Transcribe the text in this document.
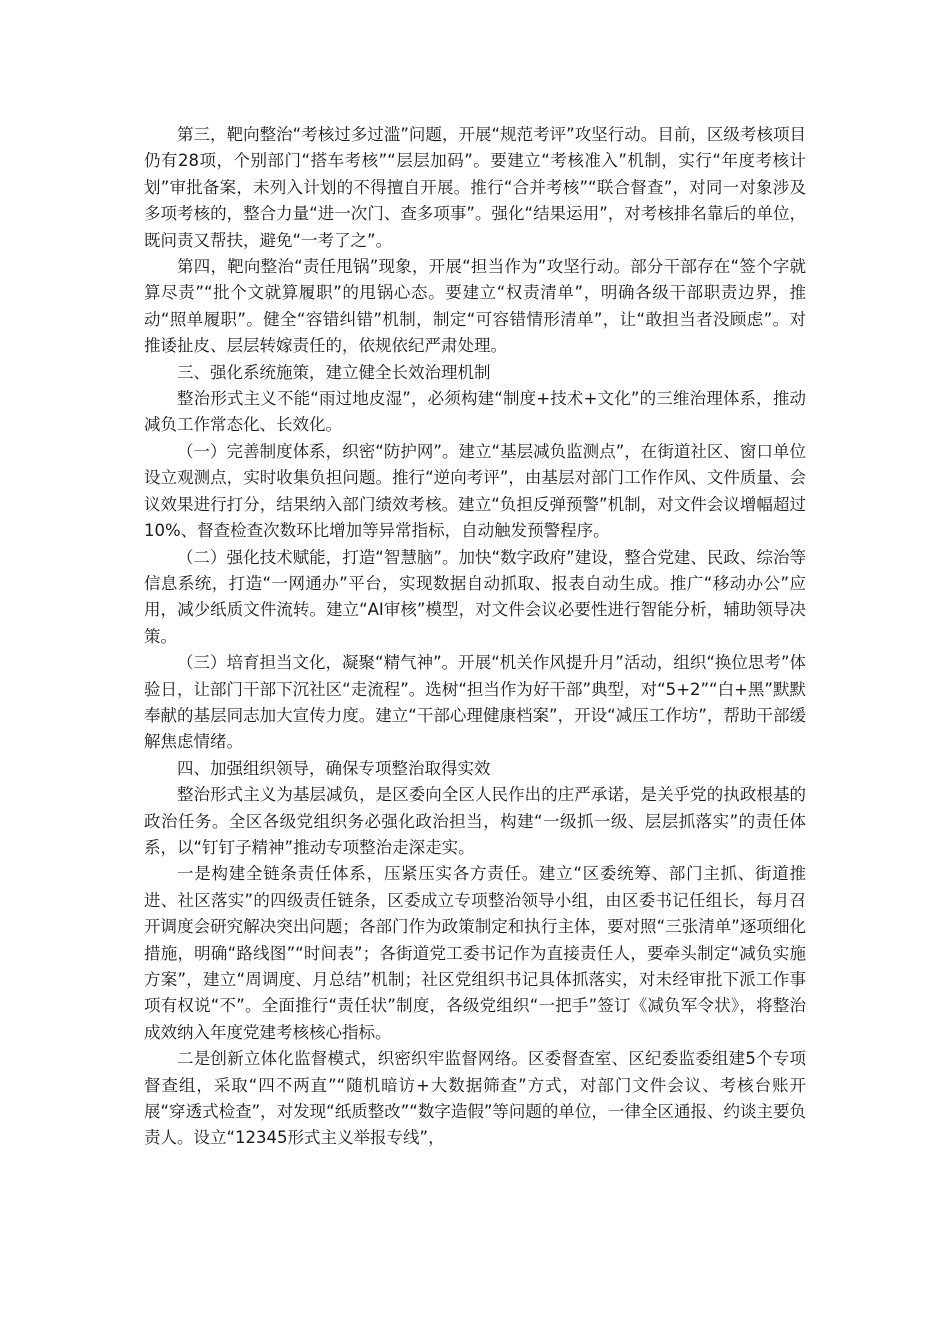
第三，靶向整治“考核过多过滥”问题，开展“规范考评”攻坚行动。目前，区级考核项目仍有28项，个别部门“搭车考核”“层层加码”。要建立“考核准入”机制，实行“年度考核计划”审批备案，未列入计划的不得擅自开展。推行“合并考核”“联合督查”，对同一对象涉及多项考核的，整合力量“进一次门、查多项事”。强化“结果运用”，对考核排名靠后的单位，既问责又帮扶，避免“一考了之”。

第四，靶向整治“责任甩锅”现象，开展“担当作为”攻坚行动。部分干部存在“签个字就算尽责”“批个文就算履职”的甩锅心态。要建立“权责清单”，明确各级干部职责边界，推动“照单履职”。健全“容错纠错”机制，制定“可容错情形清单”，让“敢担当者没顾虑”。对推诿扯皮、层层转嫁责任的，依规依纪严肃处理。

三、强化系统施策，建立健全长效治理机制

整治形式主义不能“雨过地皮湿”，必须构建“制度+技术+文化”的三维治理体系，推动减负工作常态化、长效化。

（一）完善制度体系，织密“防护网”。建立“基层减负监测点”，在街道社区、窗口单位设立观测点，实时收集负担问题。推行“逆向考评”，由基层对部门工作作风、文件质量、会议效果进行打分，结果纳入部门绩效考核。建立“负担反弹预警”机制，对文件会议增幅超过10%、督查检查次数环比增加等异常指标，自动触发预警程序。

（二）强化技术赋能，打造“智慧脑”。加快“数字政府”建设，整合党建、民政、综治等信息系统，打造“一网通办”平台，实现数据自动抓取、报表自动生成。推广“移动办公”应用，减少纸质文件流转。建立“AI审核”模型，对文件会议必要性进行智能分析，辅助领导决策。

（三）培育担当文化，凝聚“精气神”。开展“机关作风提升月”活动，组织“换位思考”体验日，让部门干部下沉社区“走流程”。选树“担当作为好干部”典型，对“5+2”“白+黑”默默奉献的基层同志加大宣传力度。建立“干部心理健康档案”，开设“减压工作坊”，帮助干部缓解焦虑情绪。

四、加强组织领导，确保专项整治取得实效

整治形式主义为基层减负，是区委向全区人民作出的庄严承诺，是关乎党的执政根基的政治任务。全区各级党组织务必强化政治担当，构建“一级抓一级、层层抓落实”的责任体系，以“钉钉子精神”推动专项整治走深走实。

一是构建全链条责任体系，压紧压实各方责任。建立“区委统筹、部门主抓、街道推进、社区落实”的四级责任链条，区委成立专项整治领导小组，由区委书记任组长，每月召开调度会研究解决突出问题；各部门作为政策制定和执行主体，要对照“三张清单”逐项细化措施，明确“路线图”“时间表”；各街道党工委书记作为直接责任人，要牵头制定“减负实施方案”，建立“周调度、月总结”机制；社区党组织书记具体抓落实，对未经审批下派工作事项有权说“不”。全面推行“责任状”制度，各级党组织“一把手”签订《减负军令状》，将整治成效纳入年度党建考核核心指标。

二是创新立体化监督模式，织密织牢监督网络。区委督查室、区纪委监委组建5个专项督查组，采取“四不两直”“随机暗访+大数据筛查”方式，对部门文件会议、考核台账开展“穿透式检查”，对发现“纸质整改”“数字造假”等问题的单位，一律全区通报、约谈主要负责人。设立“12345形式主义举报专线”，
